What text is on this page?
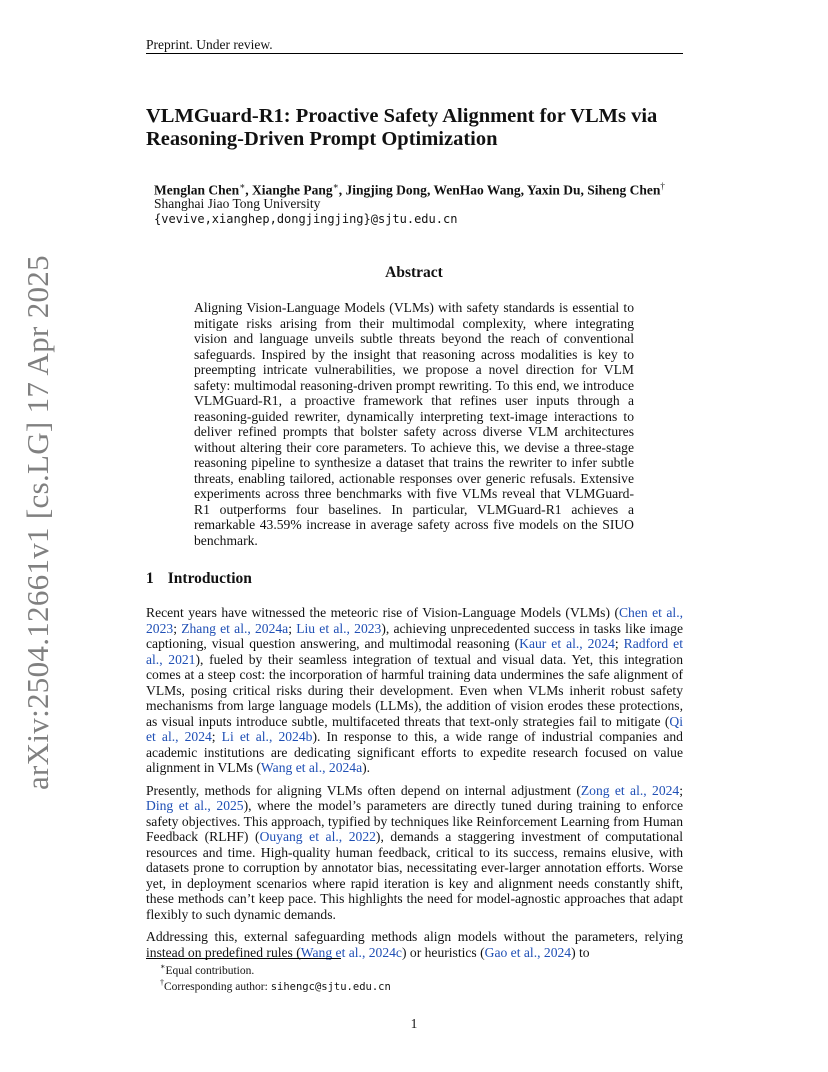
Preprint. Under review.
arXiv:2504.12661v1 [cs.LG] 17 Apr 2025
VLMGuard-R1: Proactive Safety Alignment for VLMs via Reasoning-Driven Prompt Optimization
Menglan Chen∗, Xianghe Pang∗, Jingjing Dong, WenHao Wang, Yaxin Du, Siheng Chen†
Shanghai Jiao Tong University
{vevive,xianghep,dongjingjing}@sjtu.edu.cn
Abstract

Aligning Vision-Language Models (VLMs) with safety standards is essential to mitigate risks arising from their multimodal complexity, where integrating vision and language unveils subtle threats beyond the reach of conventional safeguards. Inspired by the insight that reasoning across modalities is key to preempting intricate vulnerabilities, we propose a novel direction for VLM safety: multimodal reasoning-driven prompt rewriting. To this end, we introduce VLMGuard-R1, a proactive framework that refines user inputs through a reasoning-guided rewriter, dynamically interpreting text-image interactions to deliver refined prompts that bolster safety across diverse VLM architectures without altering their core parameters. To achieve this, we devise a three-stage reasoning pipeline to synthesize a dataset that trains the rewriter to infer subtle threats, enabling tailored, actionable responses over generic refusals. Extensive experiments across three benchmarks with five VLMs reveal that VLMGuard-R1 outperforms four baselines. In particular, VLMGuard-R1 achieves a remarkable 43.59% increase in average safety across five models on the SIUO benchmark.

1 Introduction

Recent years have witnessed the meteoric rise of Vision-Language Models (VLMs) (Chen et al., 2023; Zhang et al., 2024a; Liu et al., 2023), achieving unprecedented success in tasks like image captioning, visual question answering, and multimodal reasoning (Kaur et al., 2024; Radford et al., 2021), fueled by their seamless integration of textual and visual data. Yet, this integration comes at a steep cost: the incorporation of harmful training data undermines the safe alignment of VLMs, posing critical risks during their development. Even when VLMs inherit robust safety mechanisms from large language models (LLMs), the addition of vision erodes these protections, as visual inputs introduce subtle, multifaceted threats that text-only strategies fail to mitigate (Qi et al., 2024; Li et al., 2024b). In response to this, a wide range of industrial companies and academic institutions are dedicating significant efforts to expedite research focused on value alignment in VLMs (Wang et al., 2024a).

Presently, methods for aligning VLMs often depend on internal adjustment (Zong et al., 2024; Ding et al., 2025), where the model’s parameters are directly tuned during training to enforce safety objectives. This approach, typified by techniques like Reinforcement Learning from Human Feedback (RLHF) (Ouyang et al., 2022), demands a staggering investment of computational resources and time. High-quality human feedback, critical to its success, remains elusive, with datasets prone to corruption by annotator bias, necessitating ever-larger annotation efforts. Worse yet, in deployment scenarios where rapid iteration is key and alignment needs constantly shift, these methods can’t keep pace. This highlights the need for model-agnostic approaches that adapt flexibly to such dynamic demands.

Addressing this, external safeguarding methods align models without the parameters, relying instead on predefined rules (Wang et al., 2024c) or heuristics (Gao et al., 2024) to

∗Equal contribution.
†Corresponding author: sihengc@sjtu.edu.cn
1
